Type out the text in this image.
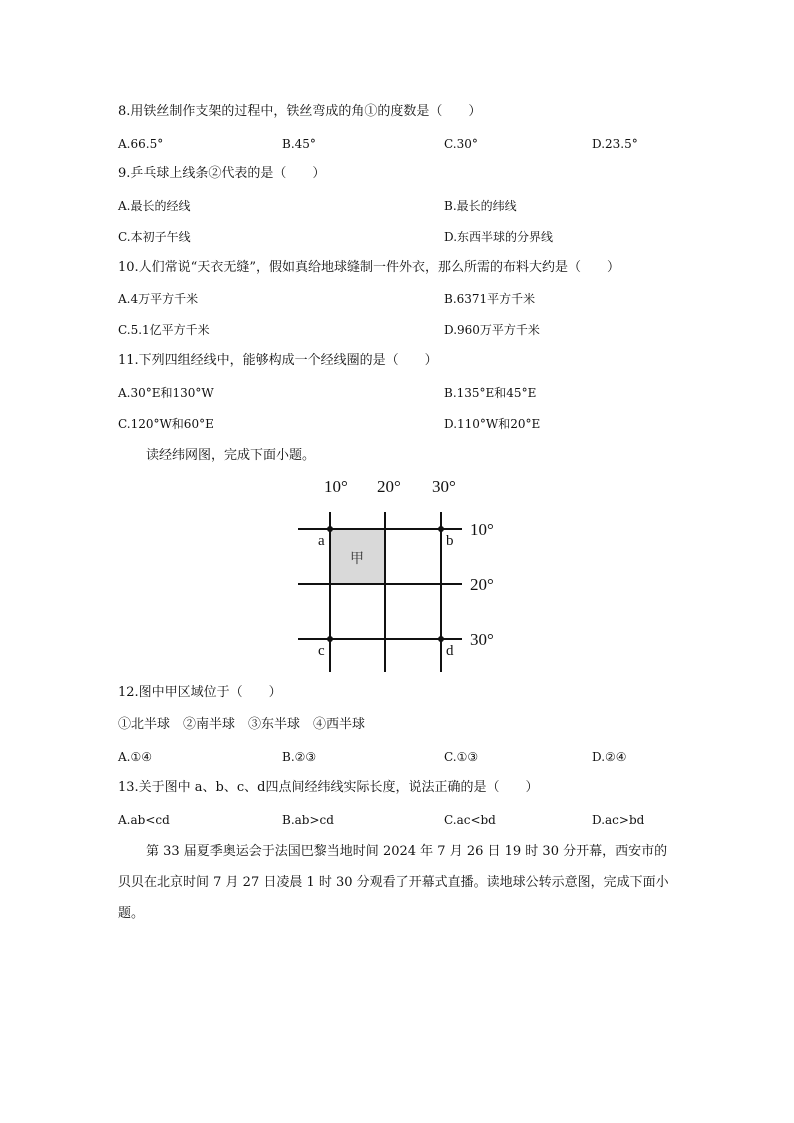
8.用铁丝制作支架的过程中，铁丝弯成的角①的度数是（　　）
A.66.5°	B.45°	C.30°	D.23.5°
9.乒乓球上线条②代表的是（　　）
A.最长的经线	B.最长的纬线
C.本初子午线	D.东西半球的分界线
10.人们常说“天衣无缝”，假如真给地球缝制一件外衣，那么所需的布料大约是（　　）
A.4万平方千米	B.6371平方千米
C.5.1亿平方千米	D.960万平方千米
11.下列四组经线中，能够构成一个经线圈的是（　　）
A.30°E和130°W	B.135°E和45°E
C.120°W和60°E	D.110°W和20°E
读经纬网图，完成下面小题。
10° 20° 30°
10°
20°
30°
a	b
c	d
甲
12.图中甲区域位于（　　）
①北半球　②南半球　③东半球　④西半球
A.①④	B.②③	C.①③	D.②④
13.关于图中 a、b、c、d四点间经纬线实际长度，说法正确的是（　　）
A.ab<cd	B.ab>cd	C.ac<bd	D.ac>bd
第 33 届夏季奥运会于法国巴黎当地时间 2024 年 7 月 26 日 19 时 30 分开幕，西安市的贝贝在北京时间 7 月 27 日凌晨 1 时 30 分观看了开幕式直播。读地球公转示意图，完成下面小题。
